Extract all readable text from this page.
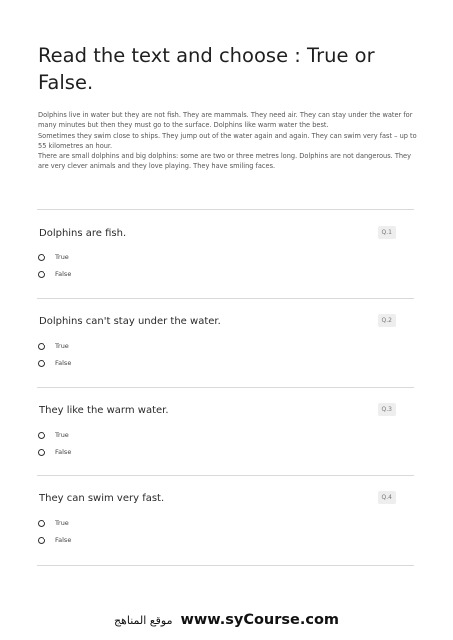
Read the text and choose : True or False.

Dolphins live in water but they are not fish. They are mammals. They need air. They can stay under the water for many minutes but then they must go to the surface. Dolphins like warm water the best.

Sometimes they swim close to ships. They jump out of the water again and again. They can swim very fast – up to 55 kilometres an hour.

There are small dolphins and big dolphins: some are two or three metres long. Dolphins are not dangerous. They are very clever animals and they love playing. They have smiling faces.

Dolphins are fish.	Q.1
True
False
Dolphins can't stay under the water.	Q.2
True
False
They like the warm water.	Q.3
True
False
They can swim very fast.	Q.4
True
False
موقع المناهج www.syCourse.com
